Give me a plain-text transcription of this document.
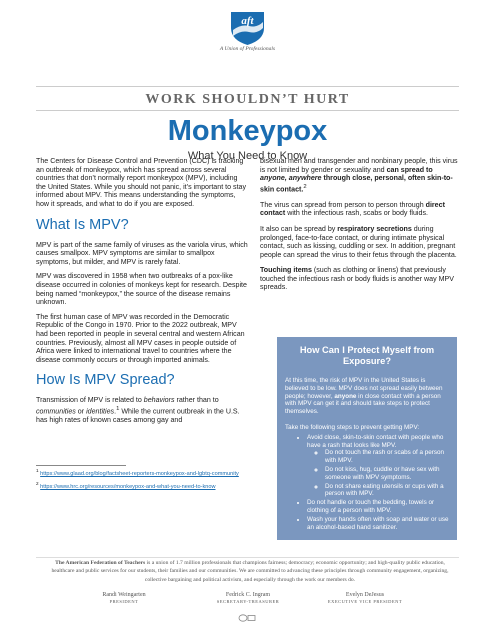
aft
A Union of Professionals
WORK SHOULDN’T HURT
Monkeypox
What You Need to Know

The Centers for Disease Control and Prevention (CDC) is tracking an outbreak of monkeypox, which has spread across several countries that don’t normally report monkeypox (MPV), including the United States. While you should not panic, it’s important to stay informed about MPV. This means understanding the symptoms, how it spreads, and what to do if you are exposed.

What Is MPV?

MPV is part of the same family of viruses as the variola virus, which causes smallpox. MPV symptoms are similar to smallpox symptoms, but milder, and MPV is rarely fatal.

MPV was discovered in 1958 when two outbreaks of a pox-like disease occurred in colonies of monkeys kept for research. Despite being named “monkeypox,” the source of the disease remains unknown.

The first human case of MPV was recorded in the Democratic Republic of the Congo in 1970. Prior to the 2022 outbreak, MPV had been reported in people in several central and western African countries. Previously, almost all MPV cases in people outside of Africa were linked to international travel to countries where the disease commonly occurs or through imported animals.

How Is MPV Spread?

Transmission of MPV is related to behaviors rather than to communities or identities.$^1$ While the current outbreak in the U.S. has high rates of known cases among gay and

$^1$ https://www.glaad.org/blog/factsheet-reporters-monkeypox-and-lgbtq-community
$^2$ https://www.hrc.org/resources/monkeypox-and-what-you-need-to-know

bisexual men and transgender and nonbinary people, this virus is not limited by gender or sexuality and can spread to anyone, anywhere through close, personal, often skin-to-skin contact.$^2$

The virus can spread from person to person through direct contact with the infectious rash, scabs or body fluids.

It also can be spread by respiratory secretions during prolonged, face-to-face contact, or during intimate physical contact, such as kissing, cuddling or sex. In addition, pregnant people can spread the virus to their fetus through the placenta.

Touching items (such as clothing or linens) that previously touched the infectious rash or body fluids is another way MPV spreads.

How Can I Protect Myself from Exposure?

At this time, the risk of MPV in the United States is believed to be low. MPV does not spread easily between people; however, anyone in close contact with a person with MPV can get it and should take steps to protect themselves.

Take the following steps to prevent getting MPV:

• Avoid close, skin-to-skin contact with people who have a rash that looks like MPV.
◦ Do not touch the rash or scabs of a person with MPV.
◦ Do not kiss, hug, cuddle or have sex with someone with MPV symptoms.
◦ Do not share eating utensils or cups with a person with MPV.
• Do not handle or touch the bedding, towels or clothing of a person with MPV.
• Wash your hands often with soap and water or use an alcohol-based hand sanitizer.
The American Federation of Teachers is a union of 1.7 million professionals that champions fairness; democracy; economic opportunity; and high-quality public education, healthcare and public services for our students, their families and our communities. We are committed to advancing these principles through community engagement, organizing, collective bargaining and political activism, and especially through the work our members do.
Randi Weingarten
PRESIDENT
Fedrick C. Ingram
SECRETARY-TREASURER
Evelyn DeJesus
EXECUTIVE VICE PRESIDENT
